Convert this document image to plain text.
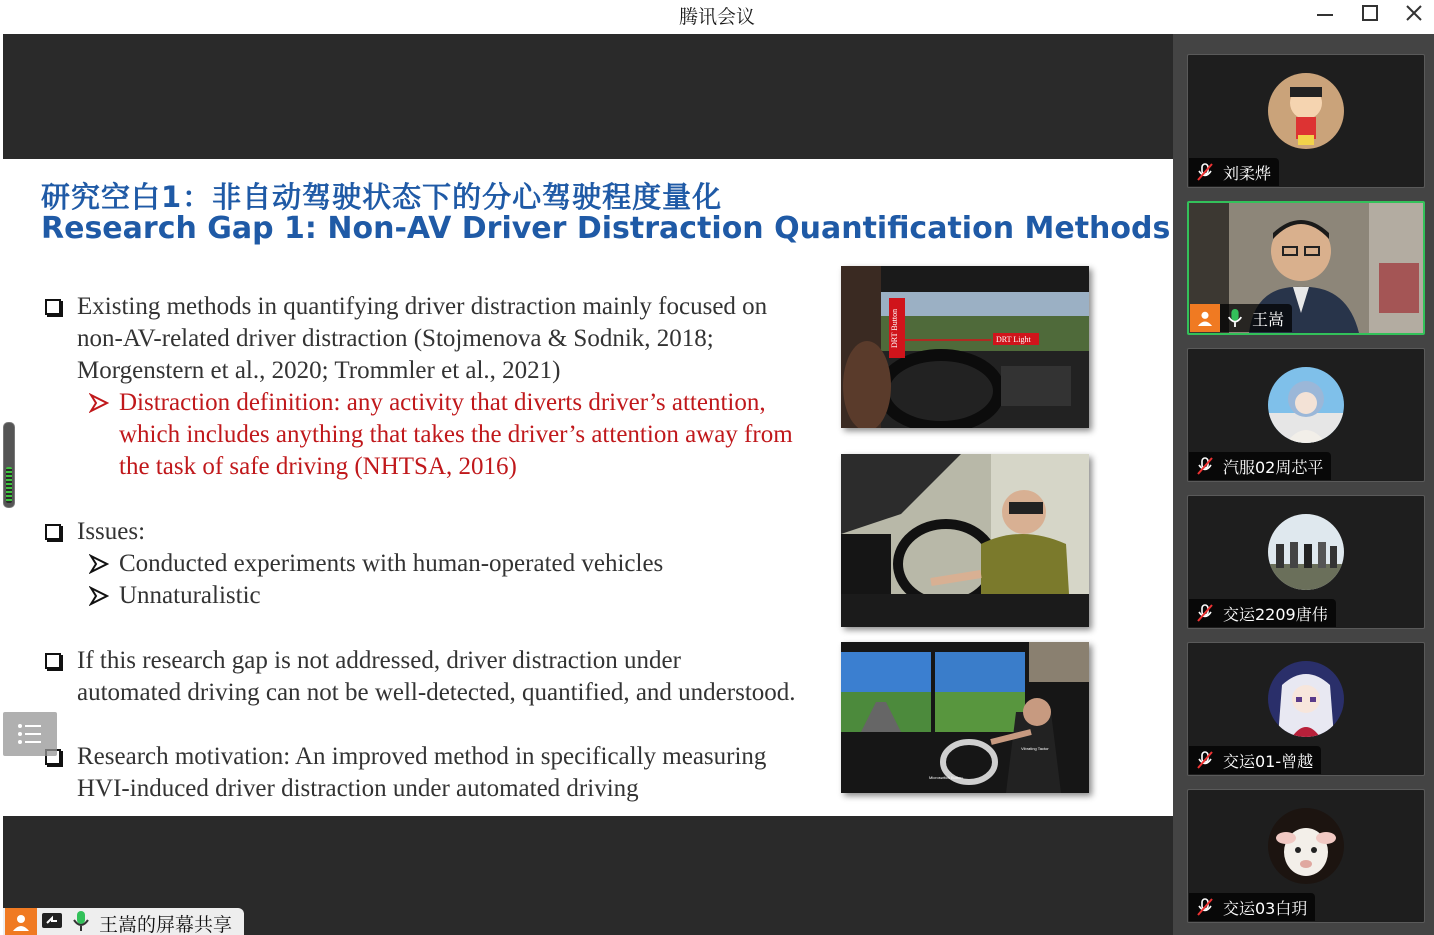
腾讯会议
研究空白1：非自动驾驶状态下的分心驾驶程度量化
Research Gap 1: Non-AV Driver Distraction Quantification Methods
Existing methods in quantifying driver distraction mainly focused on
non-AV-related driver distraction (Stojmenova & Sodnik, 2018;
Morgenstern et al., 2020; Trommler et al., 2021)
Distraction definition: any activity that diverts driver’s attention,
which includes anything that takes the driver’s attention away from
the task of safe driving (NHTSA, 2016)
Issues:
Conducted experiments with human-operated vehicles
Unnaturalistic
If this research gap is not addressed, driver distraction under
automated driving can not be well-detected, quantified, and understood.
Research motivation: An improved method in specifically measuring
HVI-induced driver distraction under automated driving
DRT Button	DRT Light
Vibrating Tactor
Microswitch Button
王嵩的屏幕共享
刘柔烨
王嵩
汽服02周芯平
交运2209唐伟
交运01-曾越
交运03白玥
